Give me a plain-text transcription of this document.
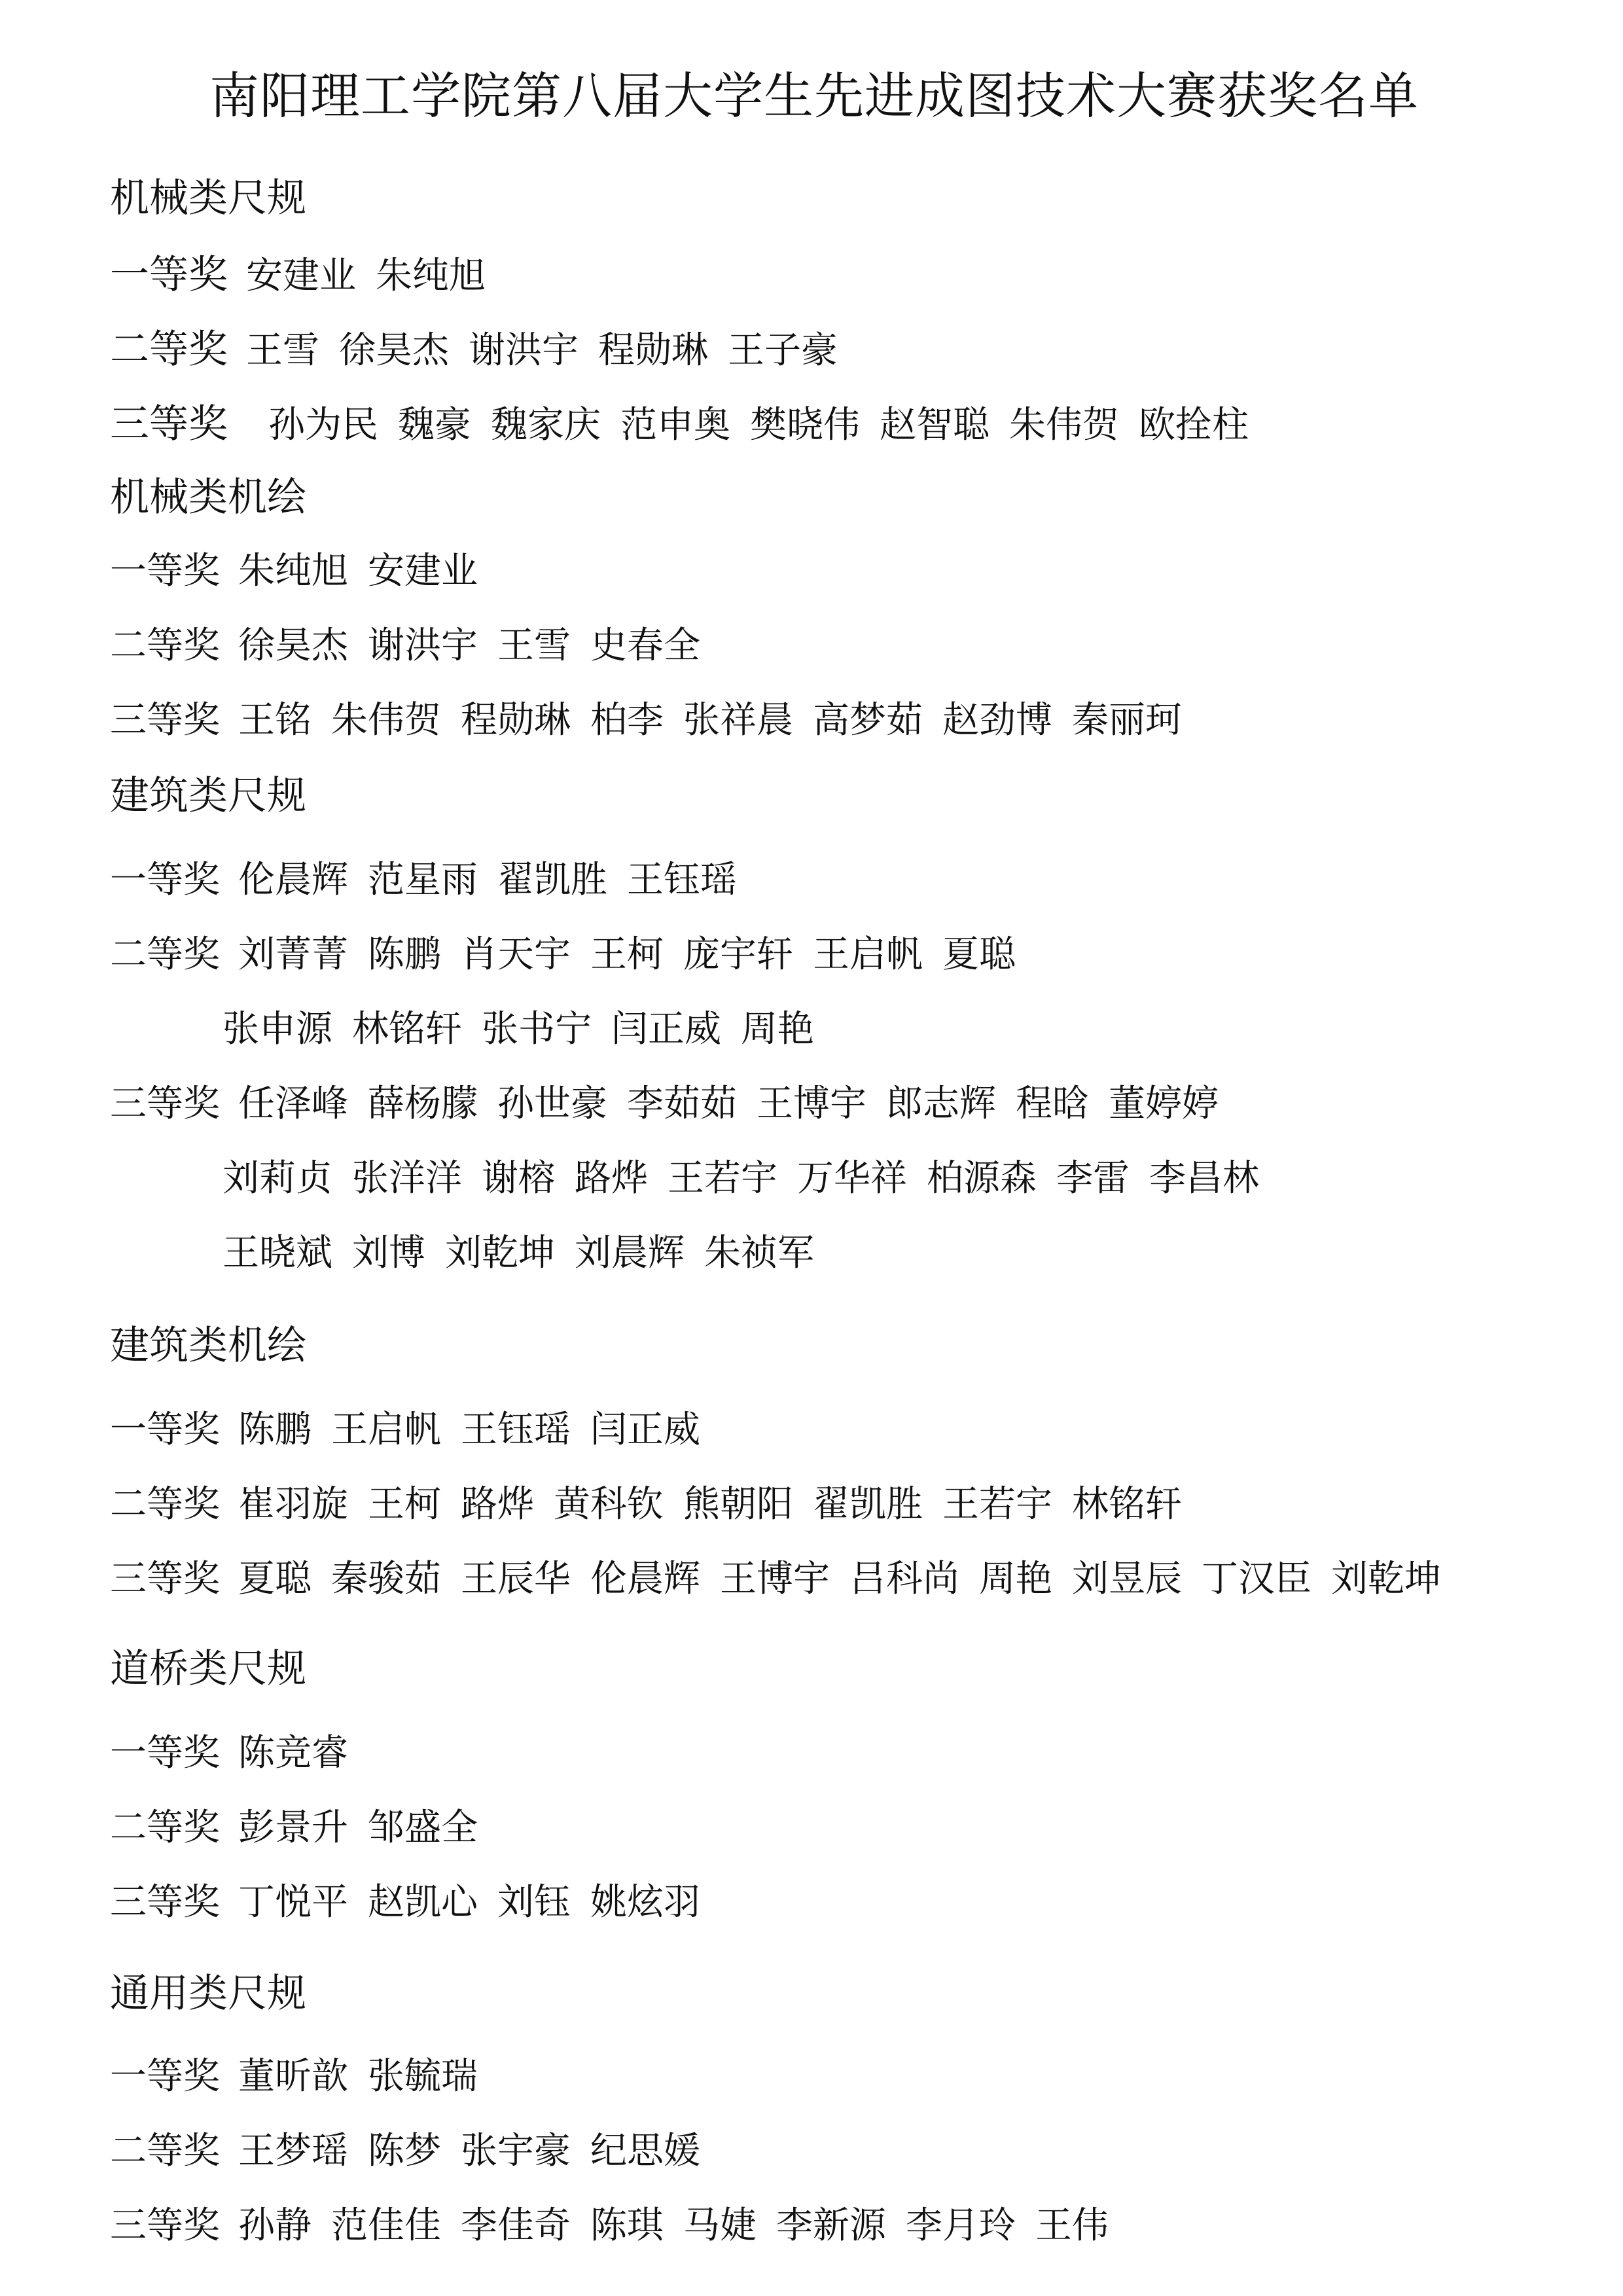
南阳理工学院第八届大学生先进成图技术大赛获奖名单
机械类尺规
一等奖 安建业 朱纯旭
二等奖 王雪 徐昊杰 谢洪宇 程勋琳 王子豪
三等奖 孙为民 魏豪 魏家庆 范申奥 樊晓伟 赵智聪 朱伟贺 欧拴柱
机械类机绘
一等奖 朱纯旭 安建业
二等奖 徐昊杰 谢洪宇 王雪 史春全
三等奖 王铭 朱伟贺 程勋琳 柏李 张祥晨 高梦茹 赵劲博 秦丽珂
建筑类尺规
一等奖 伦晨辉 范星雨 翟凯胜 王钰瑶
二等奖 刘菁菁 陈鹏 肖天宇 王柯 庞宇轩 王启帆 夏聪
张申源 林铭轩 张书宁 闫正威 周艳
三等奖 任泽峰 薛杨朦 孙世豪 李茹茹 王博宇 郎志辉 程晗 董婷婷
刘莉贞 张洋洋 谢榕 路烨 王若宇 万华祥 柏源森 李雷 李昌林
王晓斌 刘博 刘乾坤 刘晨辉 朱祯军
建筑类机绘
一等奖 陈鹏 王启帆 王钰瑶 闫正威
二等奖 崔羽旋 王柯 路烨 黄科钦 熊朝阳 翟凯胜 王若宇 林铭轩
三等奖 夏聪 秦骏茹 王辰华 伦晨辉 王博宇 吕科尚 周艳 刘昱辰 丁汉臣 刘乾坤
道桥类尺规
一等奖 陈竞睿
二等奖 彭景升 邹盛全
三等奖 丁悦平 赵凯心 刘钰 姚炫羽
通用类尺规
一等奖 董昕歆 张毓瑞
二等奖 王梦瑶 陈梦 张宇豪 纪思媛
三等奖 孙静 范佳佳 李佳奇 陈琪 马婕 李新源 李月玲 王伟
